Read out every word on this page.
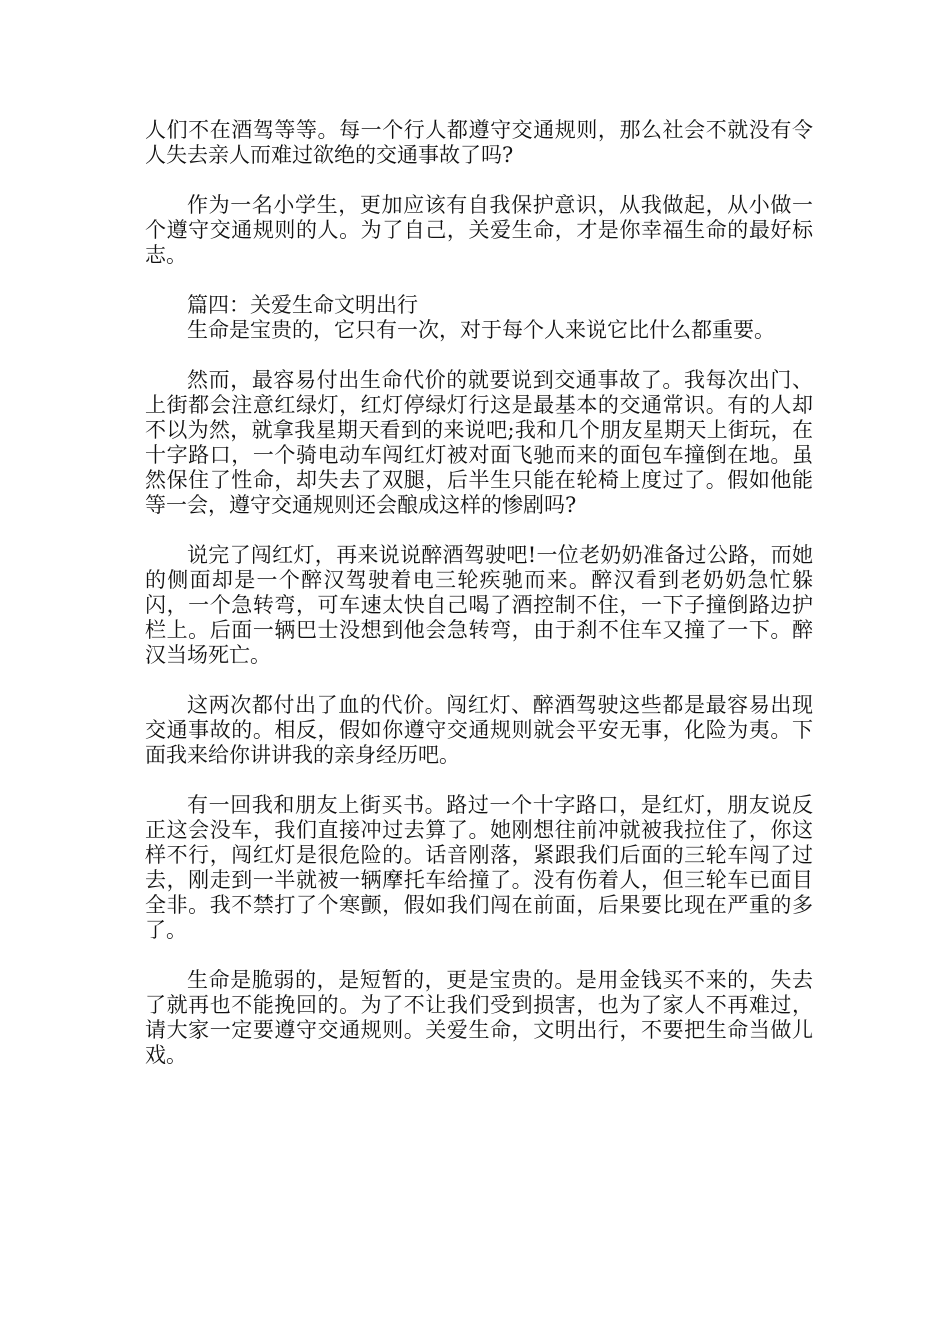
人们不在酒驾等等。每一个行人都遵守交通规则，那么社会不就没有令人失去亲人而难过欲绝的交通事故了吗?

作为一名小学生，更加应该有自我保护意识，从我做起，从小做一个遵守交通规则的人。为了自己，关爱生命，才是你幸福生命的最好标志。

篇四：关爱生命文明出行

生命是宝贵的，它只有一次，对于每个人来说它比什么都重要。

然而，最容易付出生命代价的就要说到交通事故了。我每次出门、上街都会注意红绿灯，红灯停绿灯行这是最基本的交通常识。有的人却不以为然，就拿我星期天看到的来说吧;我和几个朋友星期天上街玩，在十字路口，一个骑电动车闯红灯被对面飞驰而来的面包车撞倒在地。虽然保住了性命，却失去了双腿，后半生只能在轮椅上度过了。假如他能等一会，遵守交通规则还会酿成这样的惨剧吗?

说完了闯红灯，再来说说醉酒驾驶吧!一位老奶奶准备过公路，而她的侧面却是一个醉汉驾驶着电三轮疾驰而来。醉汉看到老奶奶急忙躲闪，一个急转弯，可车速太快自己喝了酒控制不住，一下子撞倒路边护栏上。后面一辆巴士没想到他会急转弯，由于刹不住车又撞了一下。醉汉当场死亡。

这两次都付出了血的代价。闯红灯、醉酒驾驶这些都是最容易出现交通事故的。相反，假如你遵守交通规则就会平安无事，化险为夷。下面我来给你讲讲我的亲身经历吧。

有一回我和朋友上街买书。路过一个十字路口，是红灯，朋友说反正这会没车，我们直接冲过去算了。她刚想往前冲就被我拉住了，你这样不行，闯红灯是很危险的。话音刚落，紧跟我们后面的三轮车闯了过去，刚走到一半就被一辆摩托车给撞了。没有伤着人，但三轮车已面目全非。我不禁打了个寒颤，假如我们闯在前面，后果要比现在严重的多了。

生命是脆弱的，是短暂的，更是宝贵的。是用金钱买不来的，失去了就再也不能挽回的。为了不让我们受到损害，也为了家人不再难过，请大家一定要遵守交通规则。关爱生命，文明出行，不要把生命当做儿戏。
